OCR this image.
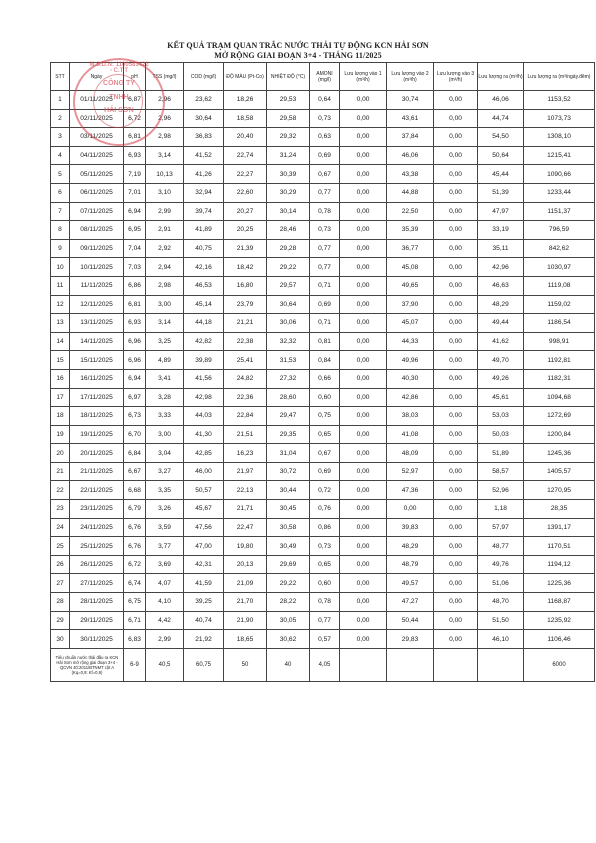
KẾT QUẢ TRẠM QUAN TRẮC NƯỚC THẢI TỰ ĐỘNG KCN HẢI SƠN
MỞ RỘNG GIAI ĐOẠN 3+4 - THÁNG 11/2025
STT	Ngày	pH	TSS (mg/l)	COD (mg/l)	ĐỘ MÀU (Pt-Co)	NHIỆT ĐỘ (°C)	AMONI (mg/l)	Lưu lượng vào 1 (m³/h)	Lưu lượng vào 2 (m³/h)	Lưu lượng vào 3 (m³/h)	Lưu lượng ra (m³/h)	Lưu lượng ra (m³/ngày.đêm)
1	01/11/2025	6,87	2,96	23,62	18,26	29,53	0,64	0,00	30,74	0,00	46,06	1153,52
2	02/11/2025	6,72	2,96	30,64	18,58	29,58	0,73	0,00	43,61	0,00	44,74	1073,73
3	03/11/2025	6,81	2,98	36,83	20,40	29,32	0,63	0,00	37,84	0,00	54,50	1308,10
4	04/11/2025	6,93	3,14	41,52	22,74	31,24	0,69	0,00	46,06	0,00	50,64	1215,41
5	05/11/2025	7,19	10,13	41,26	22,27	30,39	0,67	0,00	43,38	0,00	45,44	1090,66
6	06/11/2025	7,01	3,10	32,94	22,60	30,29	0,77	0,00	44,88	0,00	51,39	1233,44
7	07/11/2025	6,94	2,99	39,74	20,27	30,14	0,78	0,00	22,50	0,00	47,97	1151,37
8	08/11/2025	6,95	2,91	41,89	20,25	28,46	0,73	0,00	35,39	0,00	33,19	796,59
9	09/11/2025	7,04	2,92	40,75	21,39	29,28	0,77	0,00	36,77	0,00	35,11	842,62
10	10/11/2025	7,03	2,94	42,16	18,42	29,22	0,77	0,00	45,08	0,00	42,96	1030,97
11	11/11/2025	6,86	2,98	46,53	16,80	29,57	0,71	0,00	49,65	0,00	46,63	1119,08
12	12/11/2025	6,81	3,00	45,14	23,79	30,64	0,69	0,00	37,90	0,00	48,29	1159,02
13	13/11/2025	6,93	3,14	44,18	21,21	30,06	0,71	0,00	45,07	0,00	49,44	1186,54
14	14/11/2025	6,96	3,25	42,82	22,38	32,32	0,81	0,00	44,33	0,00	41,62	998,91
15	15/11/2025	6,96	4,89	39,89	25,41	31,53	0,84	0,00	49,96	0,00	49,70	1192,81
16	16/11/2025	6,94	3,41	41,56	24,82	27,32	0,66	0,00	40,30	0,00	49,26	1182,31
17	17/11/2025	6,97	3,28	42,98	22,36	28,60	0,60	0,00	42,86	0,00	45,61	1094,68
18	18/11/2025	6,73	3,33	44,03	22,84	29,47	0,75	0,00	38,03	0,00	53,03	1272,69
19	19/11/2025	6,70	3,00	41,30	21,51	29,35	0,65	0,00	41,08	0,00	50,03	1200,84
20	20/11/2025	6,84	3,04	42,85	16,23	31,04	0,67	0,00	48,09	0,00	51,89	1245,36
21	21/11/2025	6,67	3,27	46,00	21,97	30,72	0,69	0,00	52,97	0,00	58,57	1405,57
22	22/11/2025	6,68	3,35	50,57	22,13	30,44	0,72	0,00	47,36	0,00	52,96	1270,95
23	23/11/2025	6,79	3,26	45,67	21,71	30,45	0,76	0,00	0,00	0,00	1,18	28,35
24	24/11/2025	6,76	3,59	47,56	22,47	30,58	0,86	0,00	39,83	0,00	57,97	1391,17
25	25/11/2025	6,76	3,77	47,00	19,80	30,49	0,73	0,00	48,29	0,00	48,77	1170,51
26	26/11/2025	6,72	3,69	42,31	20,13	29,69	0,65	0,00	48,79	0,00	49,76	1194,12
27	27/11/2025	6,74	4,07	41,59	21,09	29,22	0,60	0,00	49,57	0,00	51,06	1225,36
28	28/11/2025	6,75	4,10	39,25	21,70	28,22	0,78	0,00	47,27	0,00	48,70	1168,87
29	29/11/2025	6,71	4,42	40,74	21,90	30,05	0,77	0,00	50,44	0,00	51,50	1235,92
30	30/11/2025	6,83	2,99	21,92	18,65	30,62	0,57	0,00	29,83	0,00	46,10	1106,46
Tiêu chuẩn nước thải đầu ra KCN Hải Sơn mở rộng giai đoạn 3+4 - QCVN 40:2011/BTNMT cột A (Kq=0,9; Kf=0,9)		6-9	40,5	60,75	50	40	4,05					6000
M.S.D.N: 1100581422 - C.T.T
CÔNG TY
TNHH
HẢI SƠN
